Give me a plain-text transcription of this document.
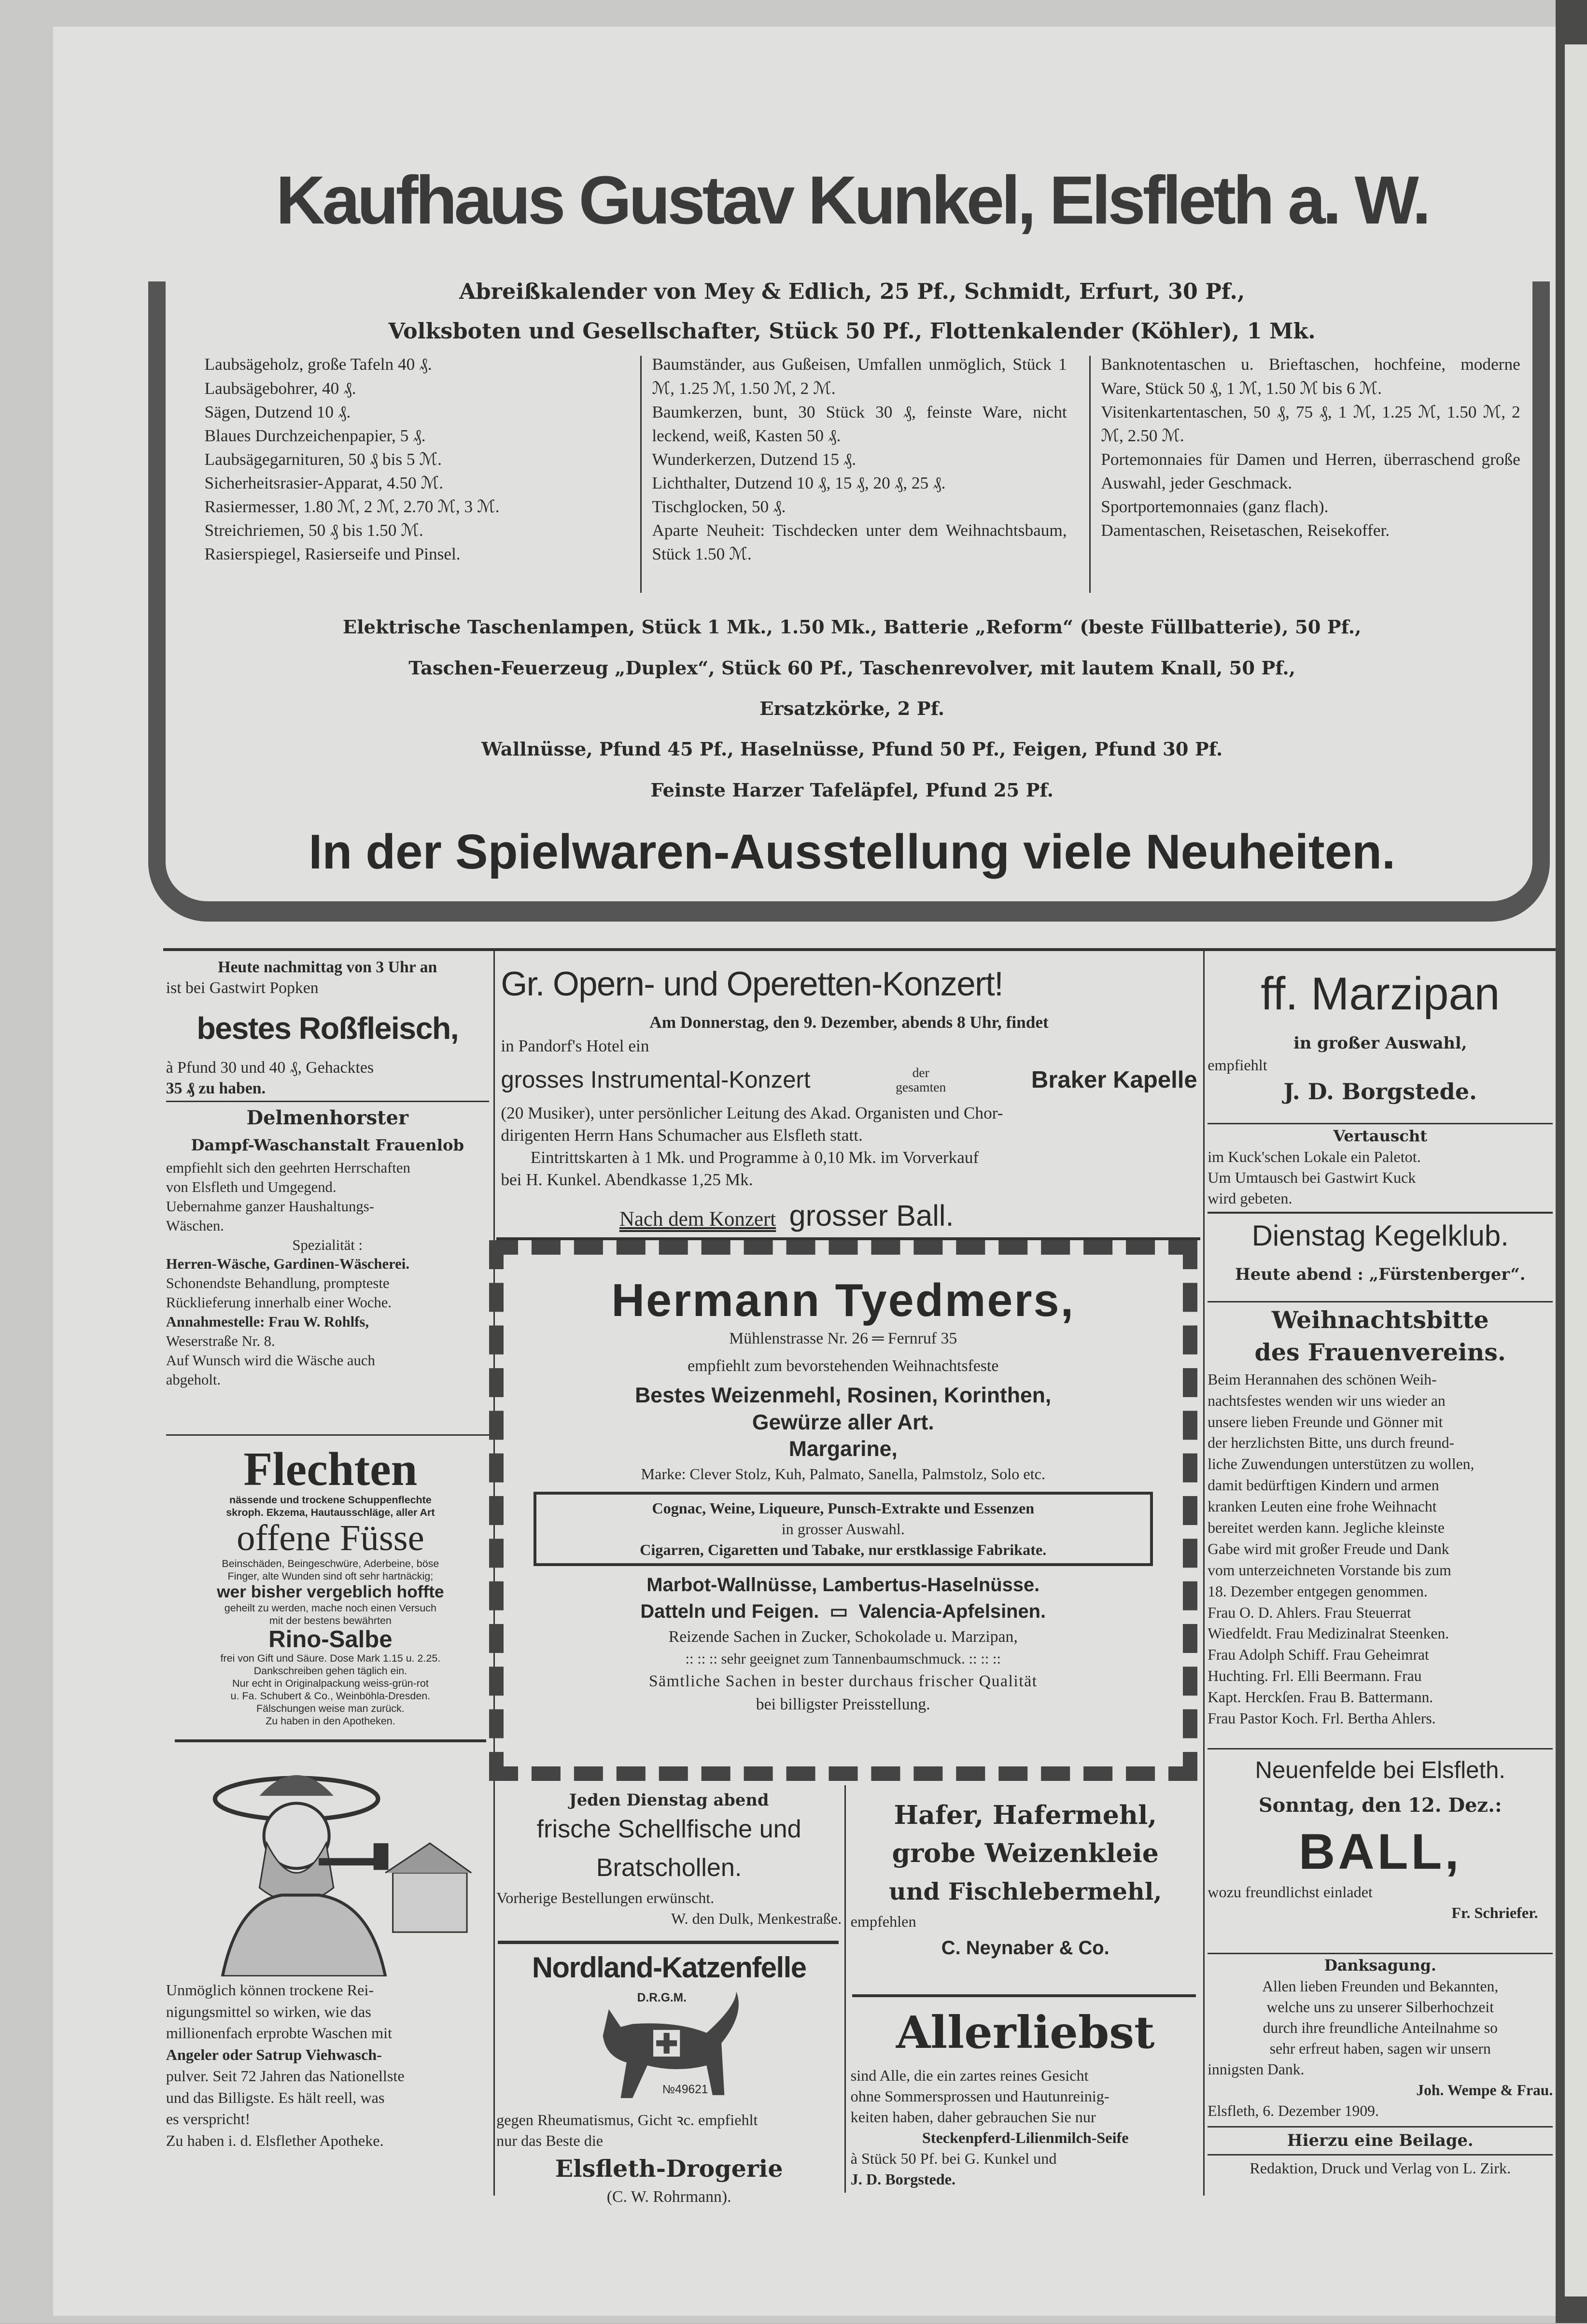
Kaufhaus Gustav Kunkel, Elsfleth a. W.
Abreißkalender von Mey & Edlich, 25 Pf., Schmidt, Erfurt, 30 Pf.,
Volksboten und Gesellschafter, Stück 50 Pf., Flottenkalender (Köhler), 1 Mk.
Laubsägeholz, große Tafeln 40 ₰.
Laubsägebohrer, 40 ₰.
Sägen, Dutzend 10 ₰.
Blaues Durchzeichenpapier, 5 ₰.
Laubsägegarnituren, 50 ₰ bis 5 ℳ.
Sicherheitsrasier-Apparat, 4.50 ℳ.
Rasiermesser, 1.80 ℳ, 2 ℳ, 2.70 ℳ, 3 ℳ.
Streichriemen, 50 ₰ bis 1.50 ℳ.
Rasierspiegel, Rasierseife und Pinsel.
Baumständer, aus Gußeisen, Umfallen unmöglich, Stück 1 ℳ, 1.25 ℳ, 1.50 ℳ, 2 ℳ.
Baumkerzen, bunt, 30 Stück 30 ₰, feinste Ware, nicht leckend, weiß, Kasten 50 ₰.
Wunderkerzen, Dutzend 15 ₰.
Lichthalter, Dutzend 10 ₰, 15 ₰, 20 ₰, 25 ₰.
Tischglocken, 50 ₰.
Aparte Neuheit: Tischdecken unter dem Weihnachtsbaum, Stück 1.50 ℳ.
Banknotentaschen u. Brieftaschen, hochfeine, moderne Ware, Stück 50 ₰, 1 ℳ, 1.50 ℳ bis 6 ℳ.
Visitenkartentaschen, 50 ₰, 75 ₰, 1 ℳ, 1.25 ℳ, 1.50 ℳ, 2 ℳ, 2.50 ℳ.
Portemonnaies für Damen und Herren, überraschend große Auswahl, jeder Geschmack.
Sportportemonnaies (ganz flach).
Damentaschen, Reisetaschen, Reisekoffer.
Elektrische Taschenlampen, Stück 1 Mk., 1.50 Mk., Batterie „Reform“ (beste Füllbatterie), 50 Pf.,
Taschen-Feuerzeug „Duplex“, Stück 60 Pf., Taschenrevolver, mit lautem Knall, 50 Pf.,
Ersatzkörke, 2 Pf.
Wallnüsse, Pfund 45 Pf., Haselnüsse, Pfund 50 Pf., Feigen, Pfund 30 Pf.
Feinste Harzer Tafeläpfel, Pfund 25 Pf.
In der Spielwaren-Ausstellung viele Neuheiten.
Heute nachmittag von 3 Uhr an
ist bei Gastwirt Popken
bestes Roßfleisch,
à Pfund 30 und 40 ₰, Gehacktes
35 ₰ zu haben.
Delmenhorster
Dampf-Waschanstalt Frauenlob
empfiehlt sich den geehrten Herrschaften
von Elsfleth und Umgegend.
Uebernahme ganzer Haushaltungs-
Wäschen.
Spezialität :
Herren-Wäsche, Gardinen-Wäscherei.
Schonendste Behandlung, prompteste
Rücklieferung innerhalb einer Woche.
Annahmestelle: Frau W. Rohlfs,
Weserstraße Nr. 8.
Auf Wunsch wird die Wäsche auch
abgeholt.
Flechten
nässende und trockene Schuppenflechte
skroph. Ekzema, Hautausschläge, aller Art
offene Füsse
Beinschäden, Beingeschwüre, Aderbeine, böse
Finger, alte Wunden sind oft sehr hartnäckig;
wer bisher vergeblich hoffte
geheilt zu werden, mache noch einen Versuch
mit der bestens bewährten
Rino-Salbe
frei von Gift und Säure. Dose Mark 1.15 u. 2.25.
Dankschreiben gehen täglich ein.
Nur echt in Originalpackung weiss-grün-rot
u. Fa. Schubert & Co., Weinböhla-Dresden.
Fälschungen weise man zurück.
Zu haben in den Apotheken.
Unmöglich können trockene Rei-
nigungsmittel so wirken, wie das
millionenfach erprobte Waschen mit
Angeler oder Satrup Viehwasch-
pulver. Seit 72 Jahren das Nationellste
und das Billigste. Es hält reell, was
es verspricht!
Zu haben i. d. Elsflether Apotheke.
Gr. Opern- und Operetten-Konzert!
Am Donnerstag, den 9. Dezember, abends 8 Uhr, findet
in Pandorf's Hotel ein
grosses Instrumental-Konzert	der
gesamten	Braker Kapelle
(20 Musiker), unter persönlicher Leitung des Akad. Organisten und Chor-
dirigenten Herrn Hans Schumacher aus Elsfleth statt.
Eintrittskarten à 1 Mk. und Programme à 0,10 Mk. im Vorverkauf
bei H. Kunkel. Abendkasse 1,25 Mk.
Nach dem Konzert grosser Ball.
Hermann Tyedmers,
Mühlenstrasse Nr. 26 ═ Fernruf 35
empfiehlt zum bevorstehenden Weihnachtsfeste
Bestes Weizenmehl, Rosinen, Korinthen,
Gewürze aller Art.
Margarine,
Marke: Clever Stolz, Kuh, Palmato, Sanella, Palmstolz, Solo etc.
Cognac, Weine, Liqueure, Punsch-Extrakte und Essenzen
in grosser Auswahl.
Cigarren, Cigaretten und Tabake, nur erstklassige Fabrikate.
Marbot-Wallnüsse, Lambertus-Haselnüsse.
Datteln und Feigen.  ▭  Valencia-Apfelsinen.
Reizende Sachen in Zucker, Schokolade u. Marzipan,
:: :: :: sehr geeignet zum Tannenbaumschmuck. :: :: ::
Sämtliche Sachen in bester durchaus frischer Qualität
bei billigster Preisstellung.
Jeden Dienstag abend
frische Schellfische und
Bratschollen.
Vorherige Bestellungen erwünscht.
W. den Dulk, Menkestraße.
Nordland-Katzenfelle
D.R.G.M.
№49621
gegen Rheumatismus, Gicht ꝛc. empfiehlt
nur das Beste die
Elsfleth-Drogerie
(C. W. Rohrmann).
Hafer, Hafermehl,
grobe Weizenkleie
und Fischlebermehl,
empfehlen
C. Neynaber & Co.
Allerliebst
sind Alle, die ein zartes reines Gesicht
ohne Sommersprossen und Hautunreinig-
keiten haben, daher gebrauchen Sie nur
Steckenpferd-Lilienmilch-Seife
à Stück 50 Pf. bei G. Kunkel und
J. D. Borgstede.
ff. Marzipan
in großer Auswahl,
empfiehlt
J. D. Borgstede.
Vertauscht
im Kuck'schen Lokale ein Paletot.
Um Umtausch bei Gastwirt Kuck
wird gebeten.
Dienstag Kegelklub.
Heute abend : „Fürstenberger“.
Weihnachtsbitte
des Frauenvereins.
Beim Herannahen des schönen Weih-
nachtsfestes wenden wir uns wieder an
unsere lieben Freunde und Gönner mit
der herzlichsten Bitte, uns durch freund-
liche Zuwendungen unterstützen zu wollen,
damit bedürftigen Kindern und armen
kranken Leuten eine frohe Weihnacht
bereitet werden kann. Jegliche kleinste
Gabe wird mit großer Freude und Dank
vom unterzeichneten Vorstande bis zum
18. Dezember entgegen genommen.
Frau O. D. Ahlers. Frau Steuerrat
Wiedfeldt. Frau Medizinalrat Steenken.
Frau Adolph Schiff. Frau Geheimrat
Huchting. Frl. Elli Beermann. Frau
Kapt. Herckſen. Frau B. Battermann.
Frau Pastor Koch. Frl. Bertha Ahlers.
Neuenfelde bei Elsfleth.
Sonntag, den 12. Dez.:
BALL,
wozu freundlichst einladet
Fr. Schriefer.
Danksagung.
Allen lieben Freunden und Bekannten,
welche uns zu unserer Silberhochzeit
durch ihre freundliche Anteilnahme so
sehr erfreut haben, sagen wir unsern
innigsten Dank.
Joh. Wempe & Frau.
Elsfleth, 6. Dezember 1909.
Hierzu eine Beilage.
Redaktion, Druck und Verlag von L. Zirk.
